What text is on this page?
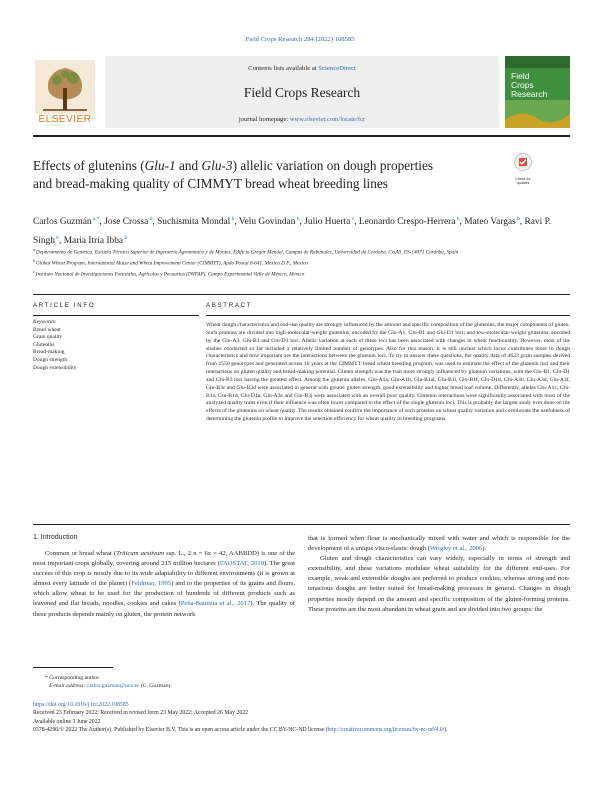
Field Crops Research 284 (2022) 108585
ELSEVIER
Contents lists available at ScienceDirect
Field Crops Research
journal homepage: www.elsevier.com/locate/fcr
Field
Crops
Research
Effects of glutenins (Glu-1 and Glu-3) allelic variation on dough properties
and bread-making quality of CIMMYT bread wheat breeding lines	Check for
updates
Carlos Guzmán $^{a,*}$, Jose Crossa $^b$, Suchismita Mondal $^b$, Velu Govindan $^b$, Julio Huerta $^c$, Leonardo Crespo-Herrera $^b$, Mateo Vargas $^b$, Ravi P. Singh $^b$, Maria Itria Ibba $^b$
$^a$ Departamento de Genética, Escuela Técnica Superior de Ingeniería Agronómica y de Montes, Edificio Gregor Mendel, Campus de Rabanales, Universidad de Córdoba, CeiA3, ES-14071 Córdoba, Spain
$^b$ Global Wheat Program, International Maize and Wheat Improvement Center (CIMMYT), Apdo Postal 6-641, Mexico D.F., Mexico
$^c$ Instituto Nacional de Investigaciones Forestales, Agrícolas y Pecuarias (INIFAP), Campo Experimental Valle de México, Mexico
ARTICLE INFO	ABSTRACT
Keywords:
Bread wheat
Grain quality
Glutenins
Bread-making
Dough strength
Dough extensibility
Wheat dough characteristics and end-use quality are strongly influenced by the amount and specific composition of the glutenins, the major components of gluten. Such proteins are divided into high-molecular-weight glutenins, encoded by the Glu-A1, Glu-B1 and Glu-D1 loci; and low-molecular-weight glutenins, encoded by the Glu-A3, Glu-B3 and Glu-D3 loci. Allelic variation at each of these loci has been associated with changes in wheat functionality. However, most of the studies conducted so far included a relatively limited number of genotypes. Also for this reason, it is still unclear which locus contributes more to dough characteristics and how important are the interactions between the glutenin loci. To try to answer these questions, the quality data of 4623 grain samples derived from 2550 genotypes and generated across 10 years at the CIMMYT bread wheat breeding program, was used to estimate the effect of the glutenin loci and their interactions on gluten quality and bread-making potential. Gluten strength was the trait more strongly influenced by glutenin variations, with the Glu-B1, Glu-D1 and Glu-B3 loci having the greatest effect. Among the glutenin alleles, Glu-A1a, Glu-A1b, Glu-B1al, Glu-B1i, Glu-B1f, Glu-D1d, Glu-A3b, Glu-A3d, Glu-A3f, Glu-B3c and Glu-B3d were associated in general with greater gluten strength, good extensibility and higher bread loaf volume. Differently, alleles Glu-A1c, Glu-B1a, Glu-B1d, Glu-D1a, Glu-A3e and Glu-B3j were associated with an overall poor quality. Glutenin interactions were significantly associated with most of the analyzed quality traits even if their influence was often lower compared to the effect of the single glutenin loci. This is probably the largest study ever done on the effects of the glutenins on wheat quality. The results obtained confirm the importance of such proteins on wheat quality variation and corroborate the usefulness of determining the glutenin profile to improve the selection efficiency for wheat quality in breeding programs.
1. Introduction

Common or bread wheat (Triticum aestivum ssp. L., 2 n = 6x = 42, AABBDD) is one of the most important crops globally, covering around 215 million hectares (FAOSTAT, 2019). The great success of this crop is mostly due to its wide adaptability to different environments (it is grown at almost every latitude of the planet) (Feldman, 1995) and to the properties of its grains and flours, which allow wheat to be used for the production of hundreds of different products such as leavened and flat breads, noodles, cookies and cakes (Peña-Bautista et al., 2017). The quality of these products depends mainly on gluten, the protein network

that is formed when flour is mechanically mixed with water and which is responsible for the development of a unique visco-elastic dough (Wrigley et al., 2006).

Gluten and dough characteristics can vary widely, especially in terms of strength and extensibility, and these variations modulate wheat suitability for the different end-uses. For example, weak and extensible doughs are preferred to produce cookies, whereas strong and non-tenacious doughs are better suited for bread-making processes in general. Changes in dough properties mostly depend on the amount and specific composition of the gluten-forming proteins. These proteins are the most abundant in wheat grain and are divided into two groups: the

* Corresponding author.
E-mail address: carlos.guzman@uco.es (C. Guzmán).
https://doi.org/10.1016/j.fcr.2022.108585
Received 23 February 2022; Received in revised form 23 May 2022; Accepted 26 May 2022
Available online 3 June 2022
0378-4290/© 2022 The Author(s). Published by Elsevier B.V. This is an open access article under the CC BY-NC-ND license (http://creativecommons.org/licenses/by-nc-nd/4.0/).
